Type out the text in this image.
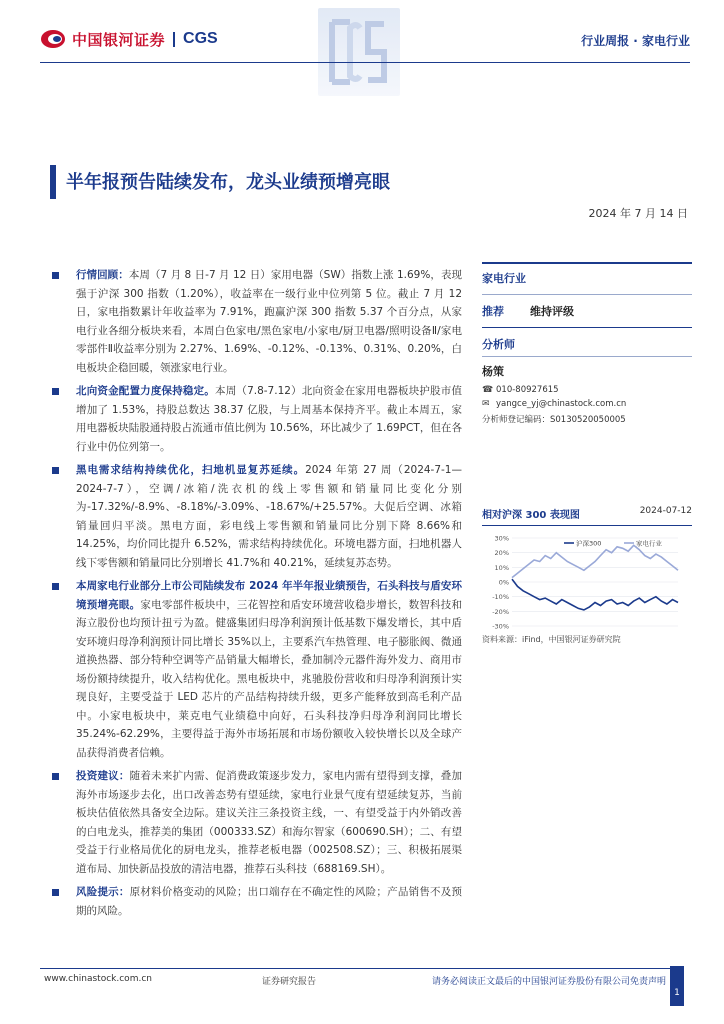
中国银河证券 CGS	行业周报 · 家电行业
半年报预告陆续发布，龙头业绩预增亮眼
2024 年 7 月 14 日
行情回顾：本周（7 月 8 日-7 月 12 日）家用电器（SW）指数上涨 1.69%，表现强于沪深 300 指数（1.20%），收益率在一级行业中位列第 5 位。截止 7 月 12 日，家电指数累计年收益率为 7.91%，跑赢沪深 300 指数 5.37 个百分点，从家电行业各细分板块来看，本周白色家电/黑色家电/小家电/厨卫电器/照明设备Ⅱ/家电零部件Ⅱ收益率分别为 2.27%、1.69%、-0.12%、-0.13%、0.31%、0.20%，白电板块企稳回暖，领涨家电行业。
北向资金配置力度保持稳定。本周（7.8-7.12）北向资金在家用电器板块护股市值增加了 1.53%，持股总数达 38.37 亿股，与上周基本保持齐平。截止本周五，家用电器板块陆股通持股占流通市值比例为 10.56%，环比减少了 1.69PCT，但在各行业中仍位列第一。
黑电需求结构持续优化，扫地机显复苏延续。2024 年第 27 周（2024-7-1—2024-7-7），空调/冰箱/洗衣机的线上零售额和销量同比变化分别为-17.32%/-8.9%、-8.18%/-3.09%、-18.67%/+25.57%。大促后空调、冰箱销量回归平淡。黑电方面，彩电线上零售额和销量同比分别下降 8.66%和 14.25%，均价同比提升 6.52%，需求结构持续优化。环境电器方面，扫地机器人线下零售额和销量同比分别增长 41.7%和 40.21%，延续复苏态势。
本周家电行业部分上市公司陆续发布 2024 年半年报业绩预告，石头科技与盾安环境预增亮眼。家电零部件板块中，三花智控和盾安环境营收稳步增长，数智科技和海立股份也均预计扭亏为盈。健盛集团归母净利润预计低基数下爆发增长，其中盾安环境归母净利润预计同比增长 35%以上，主要系汽车热管理、电子膨胀阀、微通道换热器、部分特种空调等产品销量大幅增长，叠加制冷元器件海外发力、商用市场份额持续提升，收入结构优化。黑电板块中，兆驰股份营收和归母净利润预计实现良好，主要受益于 LED 芯片的产品结构持续升级，更多产能释放到高毛利产品中。小家电板块中，莱克电气业绩稳中向好，石头科技净归母净利润同比增长 35.24%-62.29%，主要得益于海外市场拓展和市场份额收入较快增长以及全球产品获得消费者信赖。
投资建议：随着未来扩内需、促消费政策逐步发力，家电内需有望得到支撑，叠加海外市场逐步去化，出口改善态势有望延续，家电行业景气度有望延续复苏，当前板块估值依然具备安全边际。建议关注三条投资主线，一、有望受益于内外销改善的白电龙头，推荐美的集团（000333.SZ）和海尔智家（600690.SH）；二、有望受益于行业格局优化的厨电龙头，推荐老板电器（002508.SZ）；三、积极拓展渠道布局、加快新品投放的清洁电器，推荐石头科技（688169.SH）。
风险提示：原材料价格变动的风险；出口端存在不确定性的风险；产品销售不及预期的风险。
家电行业
推荐 维持评级
分析师
杨策
☎ 010-80927615
✉ yangce_yj@chinastock.com.cn
分析师登记编码：S0130520050005
相对沪深 300 表现图	2024-07-12
30%
20%
10%
0%
-10%
-20%
-30%
沪深300	家电行业
资料来源：iFind，中国银河证券研究院
www.chinastock.com.cn	证券研究报告	请务必阅读正文最后的中国银河证券股份有限公司免责声明
1
